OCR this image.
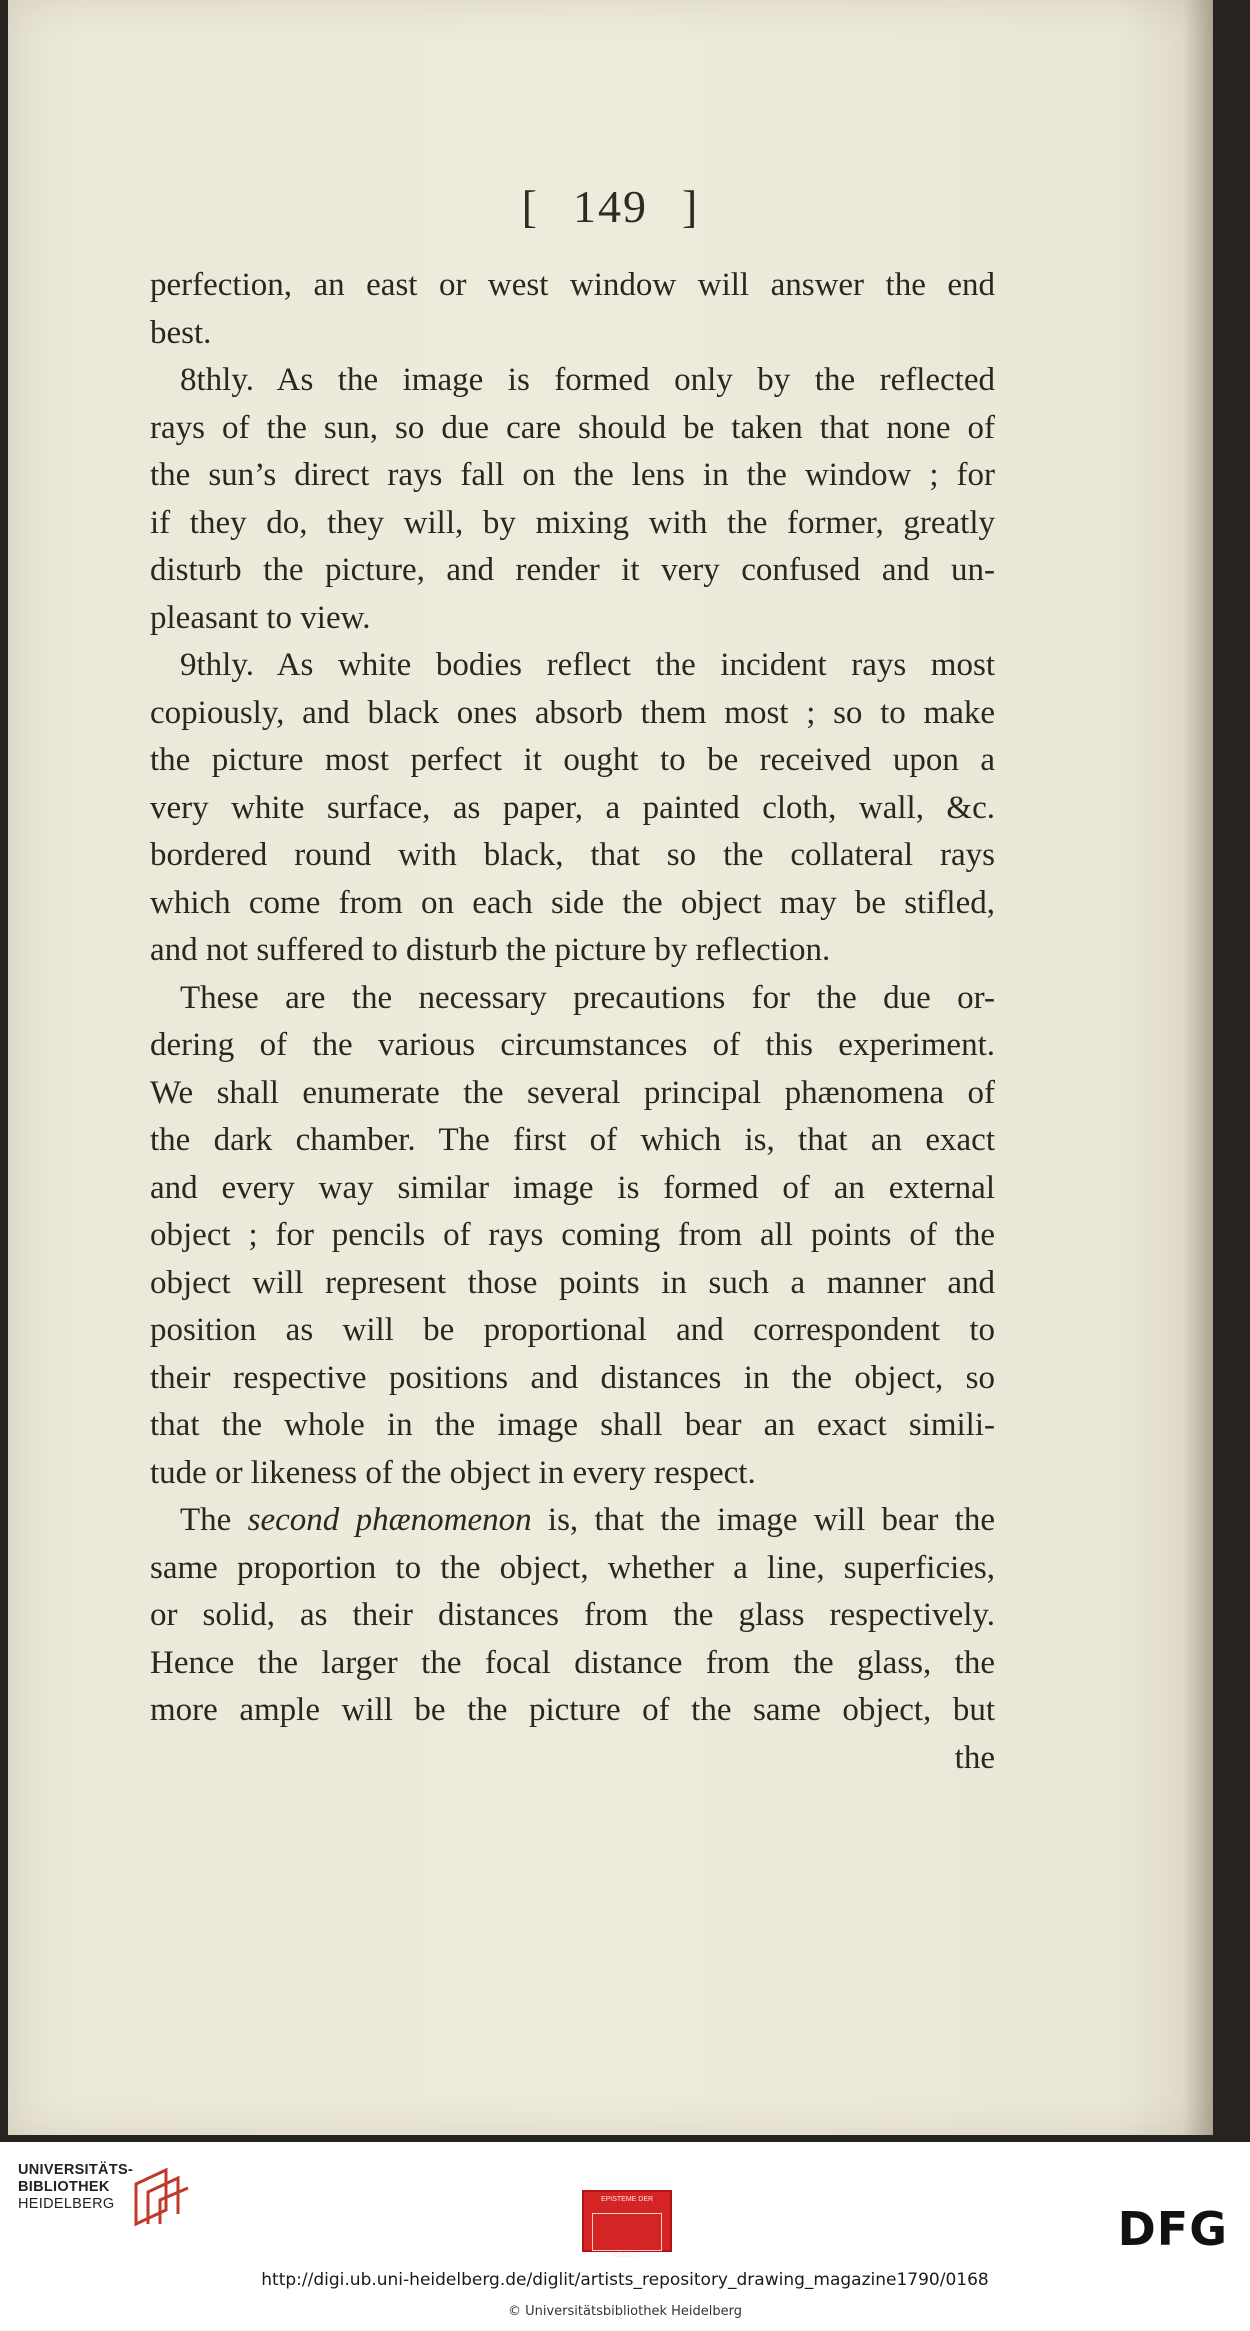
[ 149 ]
perfection, an east or west window will answer the end
best.
8thly. As the image is formed only by the reflected
rays of the sun, so due care should be taken that none of
the sun’s direct rays fall on the lens in the window ; for
if they do, they will, by mixing with the former, greatly
disturb the picture, and render it very confused and un-
pleasant to view.
9thly. As white bodies reflect the incident rays most
copiously, and black ones absorb them most ; so to make
the picture most perfect it ought to be received upon a
very white surface, as paper, a painted cloth, wall, &c.
bordered round with black, that so the collateral rays
which come from on each side the object may be stifled,
and not suffered to disturb the picture by reflection.
These are the necessary precautions for the due or-
dering of the various circumstances of this experiment.
We shall enumerate the several principal phænomena of
the dark chamber. The first of which is, that an exact
and every way similar image is formed of an external
object ; for pencils of rays coming from all points of the
object will represent those points in such a manner and
position as will be proportional and correspondent to
their respective positions and distances in the object, so
that the whole in the image shall bear an exact simili-
tude or likeness of the object in every respect.
The second phænomenon is, that the image will bear the
same proportion to the object, whether a line, superficies,
or solid, as their distances from the glass respectively.
Hence the larger the focal distance from the glass, the
more ample will be the picture of the same object, but
the
UNIVERSITÄTS-
BIBLIOTHEK
HEIDELBERG	EPISTEME DER
KÜNSTE	DFG
http://digi.ub.uni-heidelberg.de/diglit/artists_repository_drawing_magazine1790/0168
© Universitätsbibliothek Heidelberg
